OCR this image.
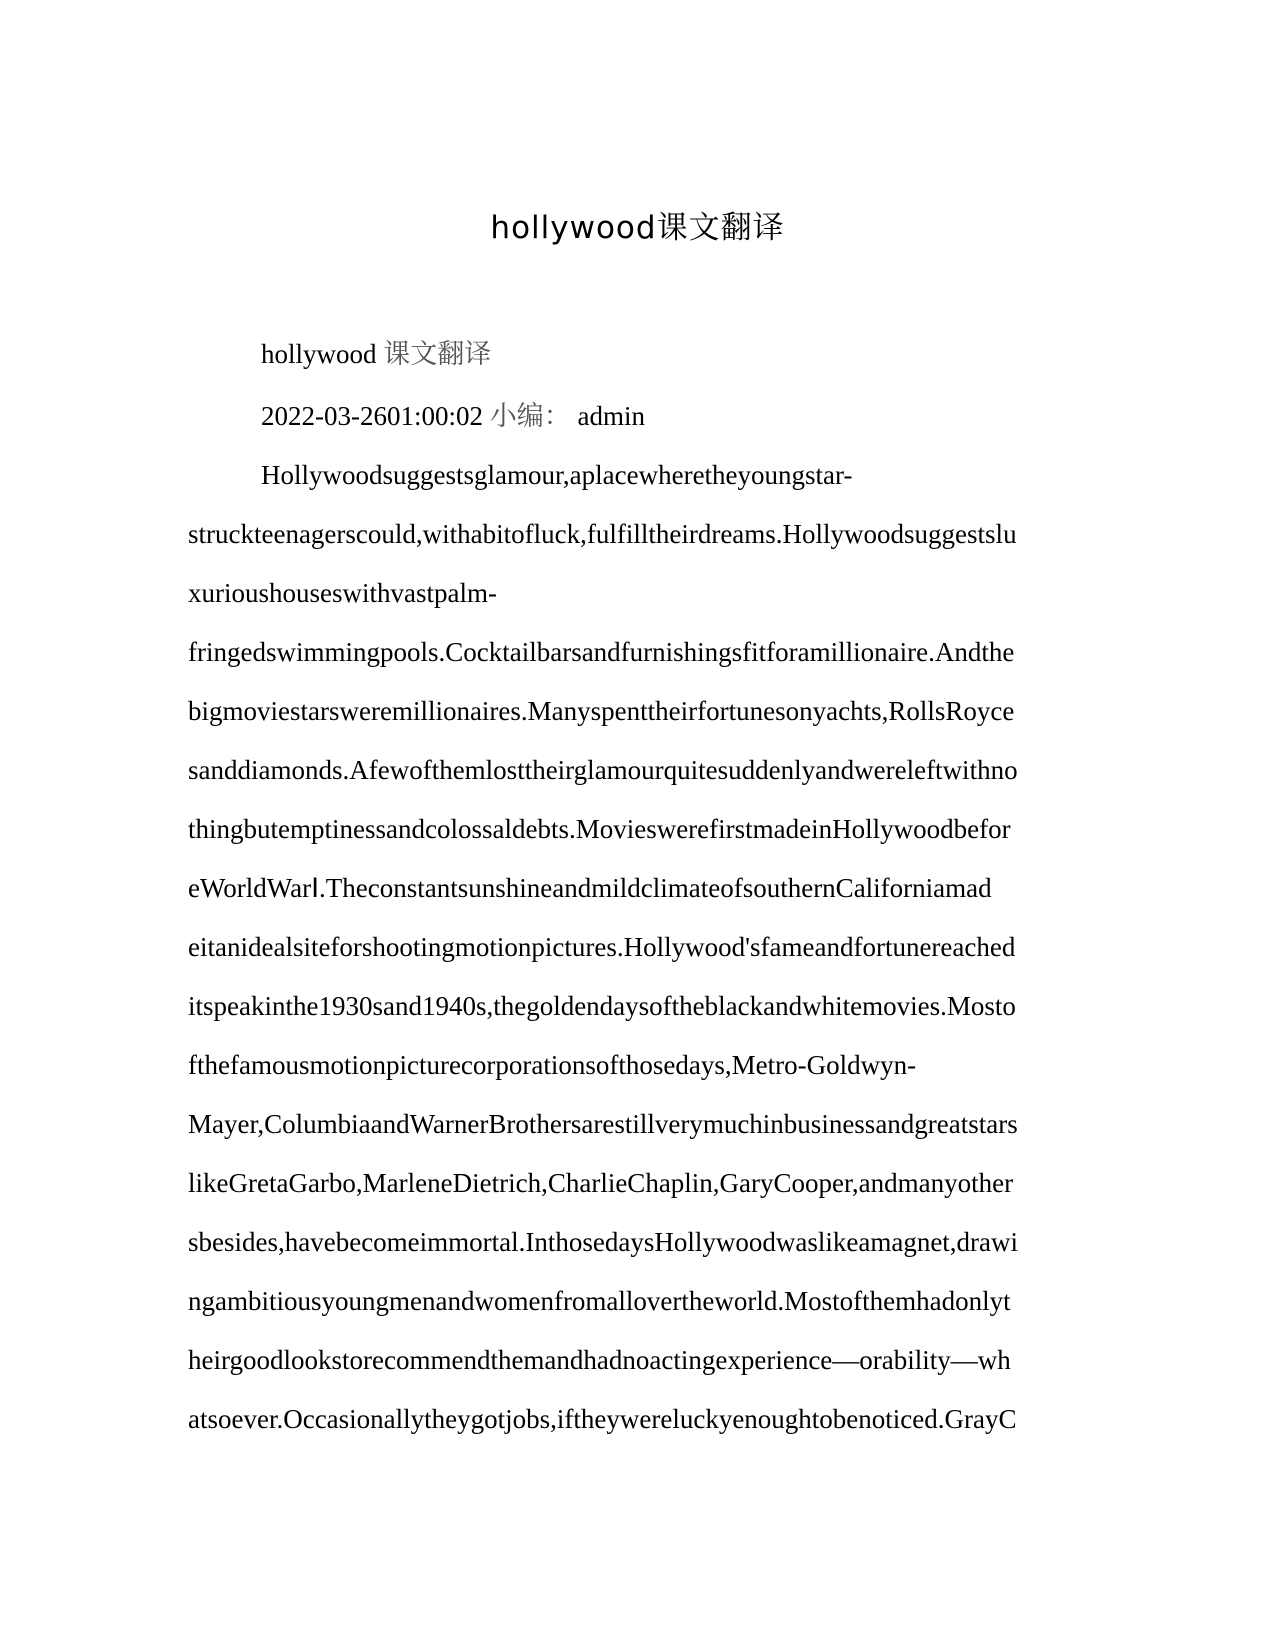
hollywood课文翻译
hollywood 课文翻译
2022-03-2601:00:02 小编： admin
Hollywoodsuggestsglamour,aplacewheretheyoungstar-
struckteenagerscould,withabitofluck,fulfilltheirdreams.Hollywoodsuggestslu
xurioushouseswithvastpalm-
fringedswimmingpools.Cocktailbarsandfurnishingsfitforamillionaire.Andthe
bigmoviestarsweremillionaires.Manyspenttheirfortunesonyachts,RollsRoyce
sanddiamonds.Afewofthemlosttheirglamourquitesuddenlyandwereleftwithno
thingbutemptinessandcolossaldebts.MovieswerefirstmadeinHollywoodbefor
eWorldWarⅠ.TheconstantsunshineandmildclimateofsouthernCaliforniamad
eitanidealsiteforshootingmotionpictures.Hollywood'sfameandfortunereached
itspeakinthe1930sand1940s,thegoldendaysoftheblackandwhitemovies.Mosto
fthefamousmotionpicturecorporationsofthosedays,Metro-Goldwyn-
Mayer,ColumbiaandWarnerBrothersarestillverymuchinbusinessandgreatstars
likeGretaGarbo,MarleneDietrich,CharlieChaplin,GaryCooper,andmanyother
sbesides,havebecomeimmortal.InthosedaysHollywoodwaslikeamagnet,drawi
ngambitiousyoungmenandwomenfromallovertheworld.Mostofthemhadonlyt
heirgoodlookstorecommendthemandhadnoactingexperience—orability—wh
atsoever.Occasionallytheygotjobs,iftheywereluckyenoughtobenoticed.GrayC
